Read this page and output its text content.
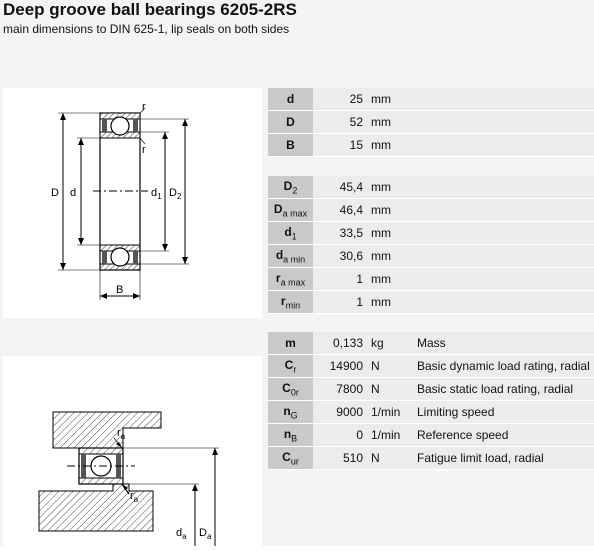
Deep groove ball bearings 6205-2RS
main dimensions to DIN 625-1, lip seals on both sides
D d	$d_1$ $D_2$
B
r
r
$r_a$
$r_a$
$d_a$ $D_a$
d	25	mm	
D	52	mm	
B	15	mm	
$D_2$	45,4	mm	
$D_{a max}$	46,4	mm	
$d_1$	33,5	mm	
$d_{a min}$	30,6	mm	
$r_{a max}$	1	mm	
$r_{min}$	1	mm	
m	0,133	kg	Mass
$C_r$	14900	N	Basic dynamic load rating, radial
$C_{0r}$	7800	N	Basic static load rating, radial
$n_G$	9000	1/min	Limiting speed
$n_B$	0	1/min	Reference speed
$C_{ur}$	510	N	Fatigue limit load, radial
